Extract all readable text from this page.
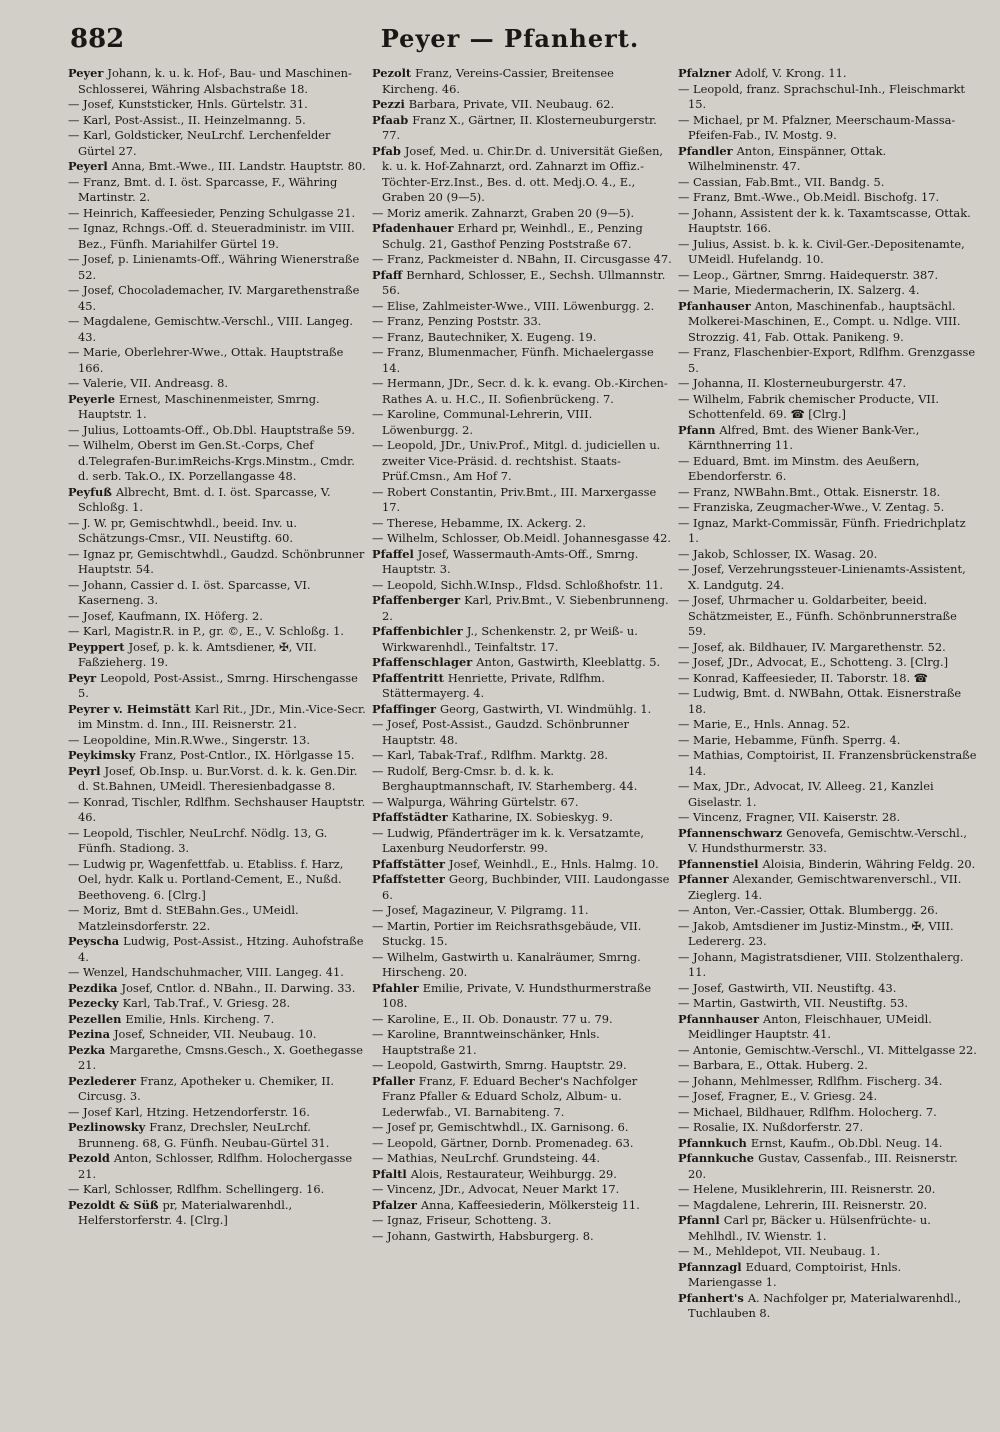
882	Peyer — Pfanhert.

Peyer Johann, k. u. k. Hof-, Bau- und Maschinen-Schlosserei, Währing Alsbachstraße 18.

— Josef, Kunststicker, Hnls. Gürtelstr. 31.

— Karl, Post-Assist., II. Heinzelmanng. 5.

— Karl, Goldsticker, NeuLrchf. Lerchenfelder Gürtel 27.

Peyerl Anna, Bmt.-Wwe., III. Landstr. Hauptstr. 80.

— Franz, Bmt. d. I. öst. Sparcasse, F., Währing Martinstr. 2.

— Heinrich, Kaffeesieder, Penzing Schulgasse 21.

— Ignaz, Rchngs.-Off. d. Steueradministr. im VIII. Bez., Fünfh. Mariahilfer Gürtel 19.

— Josef, p. Linienamts-Off., Währing Wienerstraße 52.

— Josef, Chocolademacher, IV. Margarethenstraße 45.

— Magdalene, Gemischtw.-Verschl., VIII. Langeg. 43.

— Marie, Oberlehrer-Wwe., Ottak. Hauptstraße 166.

— Valerie, VII. Andreasg. 8.

Peyerle Ernest, Maschinenmeister, Smrng. Hauptstr. 1.

— Julius, Lottoamts-Off., Ob.Dbl. Hauptstraße 59.

— Wilhelm, Oberst im Gen.St.-Corps, Chef d.Telegrafen-Bur.imReichs-Krgs.Minstm., Cmdr. d. serb. Tak.O., IX. Porzellangasse 48.

Peyfuß Albrecht, Bmt. d. I. öst. Sparcasse, V. Schloßg. 1.

— J. W. pr, Gemischtwhdl., beeid. Inv. u. Schätzungs-Cmsr., VII. Neustiftg. 60.

— Ignaz pr, Gemischtwhdl., Gaudzd. Schönbrunner Hauptstr. 54.

— Johann, Cassier d. I. öst. Sparcasse, VI. Kaserneng. 3.

— Josef, Kaufmann, IX. Höferg. 2.

— Karl, Magistr.R. in P., gr. ©, E., V. Schloßg. 1.

Peyppert Josef, p. k. k. Amtsdiener, ✠, VII. Faßzieherg. 19.

Peyr Leopold, Post-Assist., Smrng. Hirschengasse 5.

Peyrer v. Heimstätt Karl Rit., JDr., Min.-Vice-Secr. im Minstm. d. Inn., III. Reisnerstr. 21.

— Leopoldine, Min.R.Wwe., Singerstr. 13.

Peykimsky Franz, Post-Cntlor., IX. Hörlgasse 15.

Peyrl Josef, Ob.Insp. u. Bur.Vorst. d. k. k. Gen.Dir. d. St.Bahnen, UMeidl. Theresienbadgasse 8.

— Konrad, Tischler, Rdlfhm. Sechshauser Hauptstr. 46.

— Leopold, Tischler, NeuLrchf. Nödlg. 13, G. Fünfh. Stadiong. 3.

— Ludwig pr, Wagenfettfab. u. Etabliss. f. Harz, Oel, hydr. Kalk u. Portland-Cement, E., Nußd. Beethoveng. 6. [Clrg.]

— Moriz, Bmt d. StEBahn.Ges., UMeidl. Matzleinsdorferstr. 22.

Peyscha Ludwig, Post-Assist., Htzing. Auhofstraße 4.

— Wenzel, Handschuhmacher, VIII. Langeg. 41.

Pezdika Josef, Cntlor. d. NBahn., II. Darwing. 33.

Pezecky Karl, Tab.Traf., V. Griesg. 28.

Pezellen Emilie, Hnls. Kircheng. 7.

Pezina Josef, Schneider, VII. Neubaug. 10.

Pezka Margarethe, Cmsns.Gesch., X. Goethegasse 21.

Pezlederer Franz, Apotheker u. Chemiker, II. Circusg. 3.

— Josef Karl, Htzing. Hetzendorferstr. 16.

Pezlinowsky Franz, Drechsler, NeuLrchf. Brunneng. 68, G. Fünfh. Neubau-Gürtel 31.

Pezold Anton, Schlosser, Rdlfhm. Holochergasse 21.

— Karl, Schlosser, Rdlfhm. Schellingerg. 16.

Pezoldt & Süß pr, Materialwarenhdl., Helferstorferstr. 4. [Clrg.]

Pezolt Franz, Vereins-Cassier, Breitensee Kircheng. 46.

Pezzi Barbara, Private, VII. Neubaug. 62.

Pfaab Franz X., Gärtner, II. Klosterneuburgerstr. 77.

Pfab Josef, Med. u. Chir.Dr. d. Universität Gießen, k. u. k. Hof-Zahnarzt, ord. Zahnarzt im Offiz.-Töchter-Erz.Inst., Bes. d. ott. Medj.O. 4., E., Graben 20 (9—5).

— Moriz amerik. Zahnarzt, Graben 20 (9—5).

Pfadenhauer Erhard pr, Weinhdl., E., Penzing Schulg. 21, Gasthof Penzing Poststraße 67.

— Franz, Packmeister d. NBahn, II. Circusgasse 47.

Pfaff Bernhard, Schlosser, E., Sechsh. Ullmannstr. 56.

— Elise, Zahlmeister-Wwe., VIII. Löwenburgg. 2.

— Franz, Penzing Poststr. 33.

— Franz, Bautechniker, X. Eugeng. 19.

— Franz, Blumenmacher, Fünfh. Michaelergasse 14.

— Hermann, JDr., Secr. d. k. k. evang. Ob.-Kirchen-Rathes A. u. H.C., II. Sofienbrückeng. 7.

— Karoline, Communal-Lehrerin, VIII. Löwenburgg. 2.

— Leopold, JDr., Univ.Prof., Mitgl. d. judiciellen u. zweiter Vice-Präsid. d. rechtshist. Staats-Prüf.Cmsn., Am Hof 7.

— Robert Constantin, Priv.Bmt., III. Marxergasse 17.

— Therese, Hebamme, IX. Ackerg. 2.

— Wilhelm, Schlosser, Ob.Meidl. Johannesgasse 42.

Pfaffel Josef, Wassermauth-Amts-Off., Smrng. Hauptstr. 3.

— Leopold, Sichh.W.Insp., Fldsd. Schloßhofstr. 11.

Pfaffenberger Karl, Priv.Bmt., V. Siebenbrunneng. 2.

Pfaffenbichler J., Schenkenstr. 2, pr Weiß- u. Wirkwarenhdl., Teinfaltstr. 17.

Pfaffenschlager Anton, Gastwirth, Kleeblattg. 5.

Pfaffentritt Henriette, Private, Rdlfhm. Stättermayerg. 4.

Pfaffinger Georg, Gastwirth, VI. Windmühlg. 1.

— Josef, Post-Assist., Gaudzd. Schönbrunner Hauptstr. 48.

— Karl, Tabak-Traf., Rdlfhm. Marktg. 28.

— Rudolf, Berg-Cmsr. b. d. k. k. Berghauptmannschaft, IV. Starhemberg. 44.

— Walpurga, Währing Gürtelstr. 67.

Pfaffstädter Katharine, IX. Sobieskyg. 9.

— Ludwig, Pfänderträger im k. k. Versatzamte, Laxenburg Neudorferstr. 99.

Pfaffstätter Josef, Weinhdl., E., Hnls. Halmg. 10.

Pfaffstetter Georg, Buchbinder, VIII. Laudongasse 6.

— Josef, Magazineur, V. Pilgramg. 11.

— Martin, Portier im Reichsrathsgebäude, VII. Stuckg. 15.

— Wilhelm, Gastwirth u. Kanalräumer, Smrng. Hirscheng. 20.

Pfahler Emilie, Private, V. Hundsthurmerstraße 108.

— Karoline, E., II. Ob. Donaustr. 77 u. 79.

— Karoline, Branntweinschänker, Hnls. Hauptstraße 21.

— Leopold, Gastwirth, Smrng. Hauptstr. 29.

Pfaller Franz, F. Eduard Becher's Nachfolger Franz Pfaller & Eduard Scholz, Album- u. Lederwfab., VI. Barnabiteng. 7.

— Josef pr, Gemischtwhdl., IX. Garnisong. 6.

— Leopold, Gärtner, Dornb. Promenadeg. 63.

— Mathias, NeuLrchf. Grundsteing. 44.

Pfaltl Alois, Restaurateur, Weihburgg. 29.

— Vincenz, JDr., Advocat, Neuer Markt 17.

Pfalzer Anna, Kaffeesiederin, Mölkersteig 11.

— Ignaz, Friseur, Schotteng. 3.

— Johann, Gastwirth, Habsburgerg. 8.

Pfalzner Adolf, V. Krong. 11.

— Leopold, franz. Sprachschul-Inh., Fleischmarkt 15.

— Michael, pr M. Pfalzner, Meerschaum-Massa-Pfeifen-Fab., IV. Mostg. 9.

Pfandler Anton, Einspänner, Ottak. Wilhelminenstr. 47.

— Cassian, Fab.Bmt., VII. Bandg. 5.

— Franz, Bmt.-Wwe., Ob.Meidl. Bischofg. 17.

— Johann, Assistent der k. k. Taxamtscasse, Ottak. Hauptstr. 166.

— Julius, Assist. b. k. k. Civil-Ger.-Depositenamte, UMeidl. Hufelandg. 10.

— Leop., Gärtner, Smrng. Haidequerstr. 387.

— Marie, Miedermacherin, IX. Salzerg. 4.

Pfanhauser Anton, Maschinenfab., hauptsächl. Molkerei-Maschinen, E., Compt. u. Ndlge. VIII. Strozzig. 41, Fab. Ottak. Panikeng. 9.

— Franz, Flaschenbier-Export, Rdlfhm. Grenzgasse 5.

— Johanna, II. Klosterneuburgerstr. 47.

— Wilhelm, Fabrik chemischer Producte, VII. Schottenfeld. 69. ☎ [Clrg.]

Pfann Alfred, Bmt. des Wiener Bank-Ver., Kärnthnerring 11.

— Eduard, Bmt. im Minstm. des Aeußern, Ebendorferstr. 6.

— Franz, NWBahn.Bmt., Ottak. Eisnerstr. 18.

— Franziska, Zeugmacher-Wwe., V. Zentag. 5.

— Ignaz, Markt-Commissär, Fünfh. Friedrichplatz 1.

— Jakob, Schlosser, IX. Wasag. 20.

— Josef, Verzehrungssteuer-Linienamts-Assistent, X. Landgutg. 24.

— Josef, Uhrmacher u. Goldarbeiter, beeid. Schätzmeister, E., Fünfh. Schönbrunnerstraße 59.

— Josef, ak. Bildhauer, IV. Margarethenstr. 52.

— Josef, JDr., Advocat, E., Schotteng. 3. [Clrg.]

— Konrad, Kaffeesieder, II. Taborstr. 18. ☎

— Ludwig, Bmt. d. NWBahn, Ottak. Eisnerstraße 18.

— Marie, E., Hnls. Annag. 52.

— Marie, Hebamme, Fünfh. Sperrg. 4.

— Mathias, Comptoirist, II. Franzensbrückenstraße 14.

— Max, JDr., Advocat, IV. Alleeg. 21, Kanzlei Giselastr. 1.

— Vincenz, Fragner, VII. Kaiserstr. 28.

Pfannenschwarz Genovefa, Gemischtw.-Verschl., V. Hundsthurmerstr. 33.

Pfannenstiel Aloisia, Binderin, Währing Feldg. 20.

Pfanner Alexander, Gemischtwarenverschl., VII. Zieglerg. 14.

— Anton, Ver.-Cassier, Ottak. Blumbergg. 26.

— Jakob, Amtsdiener im Justiz-Minstm., ✠, VIII. Ledererg. 23.

— Johann, Magistratsdiener, VIII. Stolzenthalerg. 11.

— Josef, Gastwirth, VII. Neustiftg. 43.

— Martin, Gastwirth, VII. Neustiftg. 53.

Pfannhauser Anton, Fleischhauer, UMeidl. Meidlinger Hauptstr. 41.

— Antonie, Gemischtw.-Verschl., VI. Mittelgasse 22.

— Barbara, E., Ottak. Huberg. 2.

— Johann, Mehlmesser, Rdlfhm. Fischerg. 34.

— Josef, Fragner, E., V. Griesg. 24.

— Michael, Bildhauer, Rdlfhm. Holocherg. 7.

— Rosalie, IX. Nußdorferstr. 27.

Pfannkuch Ernst, Kaufm., Ob.Dbl. Neug. 14.

Pfannkuche Gustav, Cassenfab., III. Reisnerstr. 20.

— Helene, Musiklehrerin, III. Reisnerstr. 20.

— Magdalene, Lehrerin, III. Reisnerstr. 20.

Pfannl Carl pr, Bäcker u. Hülsenfrüchte- u. Mehlhdl., IV. Wienstr. 1.

— M., Mehldepot, VII. Neubaug. 1.

Pfannzagl Eduard, Comptoirist, Hnls. Mariengasse 1.

Pfanhert's A. Nachfolger pr, Materialwarenhdl., Tuchlauben 8.
